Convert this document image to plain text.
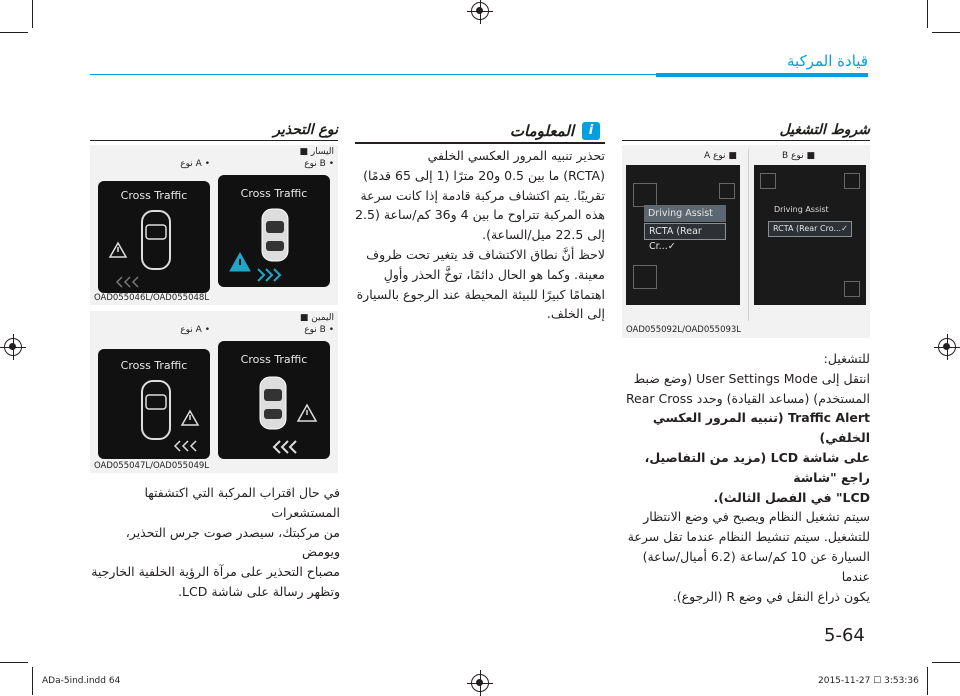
قيادة المركبة
شروط التشغيل
B نوع ■
A نوع ■
Driving Assist
RCTA (Rear Cr...✓
Driving Assist
RCTA (Rear Cro...✓
OAD055092L/OAD055093L
للتشغيل:
انتقل إلى User Settings Mode (وضع ضبط
المستخدم) (مساعد القيادة) وحدد Rear Cross
Traffic Alert (تنبيه المرور العكسي الخلفي)
على شاشة LCD (مزيد من التفاصيل، راجع "شاشة
LCD" في الفصل الثالث).
سيتم تشغيل النظام ويصبح في وضع الانتظار
للتشغيل. سيتم تنشيط النظام عندما تقل سرعة
السيارة عن 10 كم/ساعة (6.2 أميال/ساعة) عندما
يكون ذراع النقل في وضع R (الرجوع).
i
المعلومات
تحذير تنبيه المرور العكسي الخلفي
(RCTA) ما بين 0.5 و20 مترًا (1 إلى 65 قدمًا)
تقريبًا. يتم اكتشاف مركبة قادمة إذا كانت سرعة
هذه المركبة تتراوح ما بين 4 و36 كم/ساعة (2.5
إلى 22.5 ميل/الساعة).
لاحظ أنَّ نطاق الاكتشاف قد يتغير تحت ظروف
معينة. وكما هو الحال دائمًا، توخَّ الحذر وأولِ
اهتمامًا كبيرًا للبيئة المحيطة عند الرجوع بالسيارة
إلى الخلف.
نوع التحذير
اليسار ■
• B نوع
• A نوع
Cross Traffic	Cross Traffic
OAD055046L/OAD055048L
اليمين ■
• B نوع
• A نوع
Cross Traffic	Cross Traffic
OAD055047L/OAD055049L
في حال اقتراب المركبة التي اكتشفتها المستشعرات
من مركبتك، سيصدر صوت جرس التحذير، ويومض
مصباح التحذير على مرآة الرؤية الخلفية الخارجية
وتظهر رسالة على شاشة LCD.
5-64
ADa-5ind.indd 64	2015-11-27 ☐ 3:53:36
